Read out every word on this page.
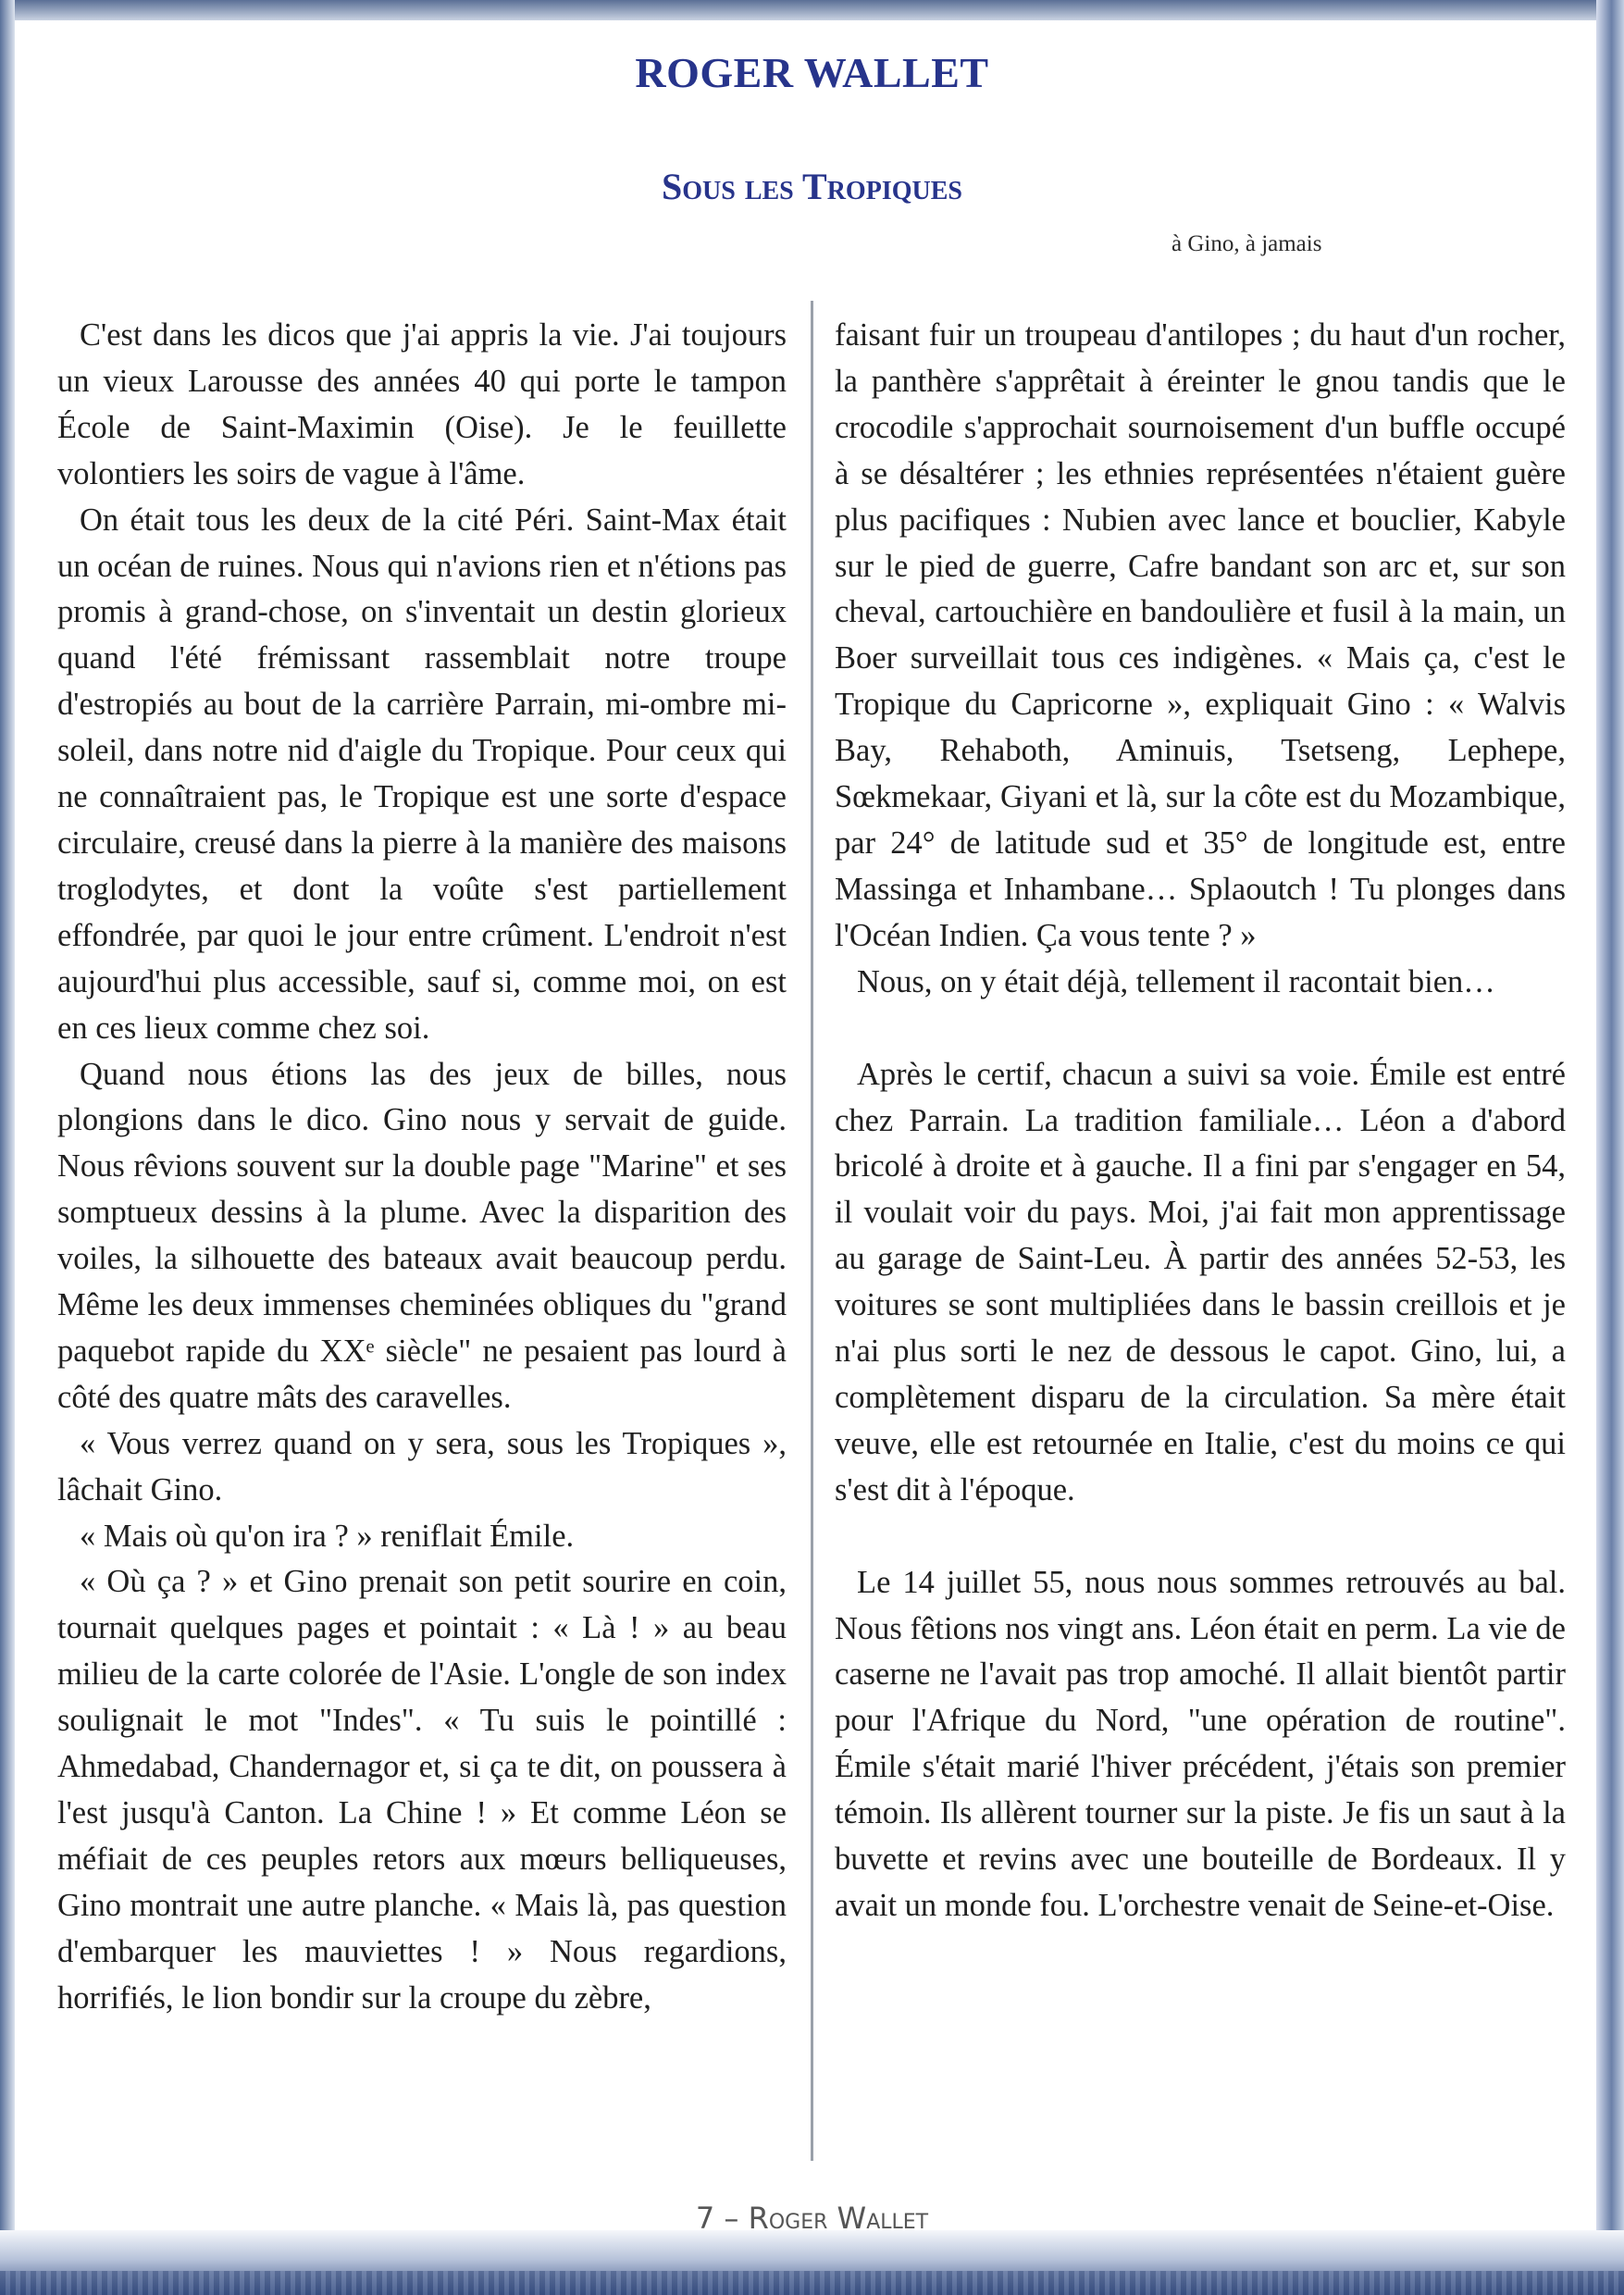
ROGER WALLET
Sous les Tropiques
à Gino, à jamais

C'est dans les dicos que j'ai appris la vie. J'ai toujours un vieux Larousse des années 40 qui porte le tampon École de Saint-Maximin (Oise). Je le feuillette volontiers les soirs de vague à l'âme.

On était tous les deux de la cité Péri. Saint-Max était un océan de ruines. Nous qui n'avions rien et n'étions pas promis à grand-chose, on s'inventait un destin glorieux quand l'été frémissant rassemblait notre troupe d'estropiés au bout de la carrière Parrain, mi-ombre mi-soleil, dans notre nid d'aigle du Tropique. Pour ceux qui ne connaîtraient pas, le Tropique est une sorte d'espace circulaire, creusé dans la pierre à la manière des maisons troglodytes, et dont la voûte s'est partiellement effondrée, par quoi le jour entre crûment. L'endroit n'est aujourd'hui plus accessible, sauf si, comme moi, on est en ces lieux comme chez soi.

Quand nous étions las des jeux de billes, nous plongions dans le dico. Gino nous y servait de guide. Nous rêvions souvent sur la double page "Marine" et ses somptueux dessins à la plume. Avec la disparition des voiles, la silhouette des bateaux avait beaucoup perdu. Même les deux immenses cheminées obliques du "grand paquebot rapide du XXᵉ siècle" ne pesaient pas lourd à côté des quatre mâts des caravelles.

« Vous verrez quand on y sera, sous les Tropiques », lâchait Gino.

« Mais où qu'on ira ? » reniflait Émile.

« Où ça ? » et Gino prenait son petit sourire en coin, tournait quelques pages et pointait : « Là ! » au beau milieu de la carte colorée de l'Asie. L'ongle de son index soulignait le mot "Indes". « Tu suis le pointillé : Ahmedabad, Chandernagor et, si ça te dit, on poussera à l'est jusqu'à Canton. La Chine ! » Et comme Léon se méfiait de ces peuples retors aux mœurs belliqueuses, Gino montrait une autre planche. « Mais là, pas question d'embarquer les mauviettes ! » Nous regardions, horrifiés, le lion bondir sur la croupe du zèbre,

faisant fuir un troupeau d'antilopes ; du haut d'un rocher, la panthère s'apprêtait à éreinter le gnou tandis que le crocodile s'approchait sournoisement d'un buffle occupé à se désaltérer ; les ethnies représentées n'étaient guère plus pacifiques : Nubien avec lance et bouclier, Kabyle sur le pied de guerre, Cafre bandant son arc et, sur son cheval, cartouchière en bandoulière et fusil à la main, un Boer surveillait tous ces indigènes. « Mais ça, c'est le Tropique du Capricorne », expliquait Gino : « Walvis Bay, Rehaboth, Aminuis, Tsetseng, Lephepe, Sœkmekaar, Giyani et là, sur la côte est du Mozambique, par 24° de latitude sud et 35° de longitude est, entre Massinga et Inhambane… Splaoutch ! Tu plonges dans l'Océan Indien. Ça vous tente ? »

Nous, on y était déjà, tellement il racontait bien…

Après le certif, chacun a suivi sa voie. Émile est entré chez Parrain. La tradition familiale… Léon a d'abord bricolé à droite et à gauche. Il a fini par s'engager en 54, il voulait voir du pays. Moi, j'ai fait mon apprentissage au garage de Saint-Leu. À partir des années 52-53, les voitures se sont multipliées dans le bassin creillois et je n'ai plus sorti le nez de dessous le capot. Gino, lui, a complètement disparu de la circulation. Sa mère était veuve, elle est retournée en Italie, c'est du moins ce qui s'est dit à l'époque.

Le 14 juillet 55, nous nous sommes retrouvés au bal. Nous fêtions nos vingt ans. Léon était en perm. La vie de caserne ne l'avait pas trop amoché. Il allait bientôt partir pour l'Afrique du Nord, "une opération de routine". Émile s'était marié l'hiver précédent, j'étais son premier témoin. Ils allèrent tourner sur la piste. Je fis un saut à la buvette et revins avec une bouteille de Bordeaux. Il y avait un monde fou. L'orchestre venait de Seine-et-Oise.

7 – Roger Wallet
